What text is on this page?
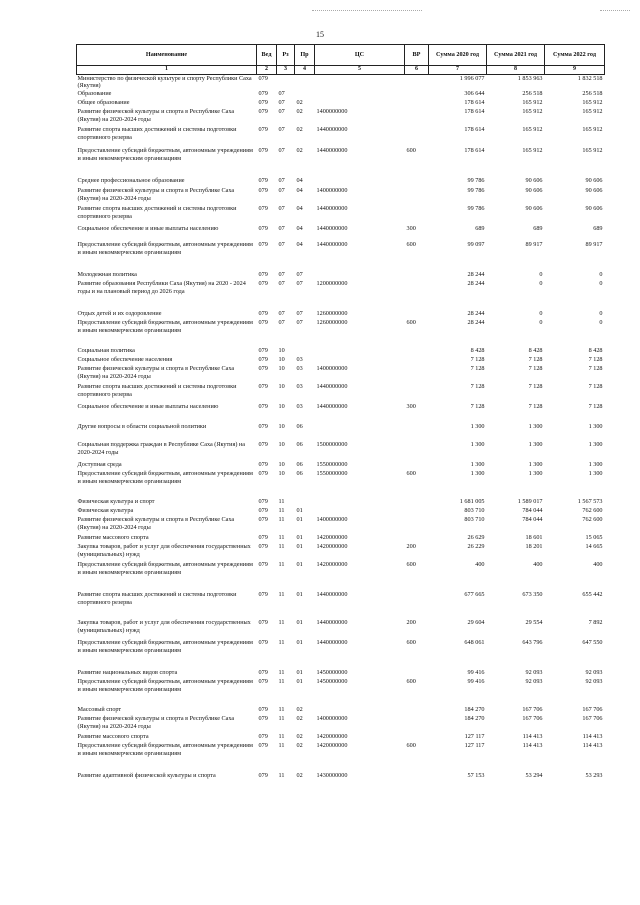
15
Наименование	Вед	Рз	Пр	ЦС	ВР	Сумма 2020 год	Сумма 2021 год	Сумма 2022 год
1	2	3	4	5	6	7	8	9
Министерство по физической культуре и спорту Республики Саха (Якутия)	079					1 996 077	1 853 963	1 832 518
Образование	079	07				306 644	256 518	256 518
Общее образование	079	07	02			178 614	165 912	165 912
Развитие физической культуры и спорта в Республике Саха (Якутия) на 2020-2024 годы	079	07	02	1400000000		178 614	165 912	165 912
Развитие спорта высших достижений и системы подготовки спортивного резерва	079	07	02	1440000000		178 614	165 912	165 912
Предоставление субсидий бюджетным, автономным учреждениям и иным некоммерческим организациям	079	07	02	1440000000	600	178 614	165 912	165 912
Среднее профессиональное образование	079	07	04			99 786	90 606	90 606
Развитие физической культуры и спорта в Республике Саха (Якутия) на 2020-2024 годы	079	07	04	1400000000		99 786	90 606	90 606
Развитие спорта высших достижений и системы подготовки спортивного резерва	079	07	04	1440000000		99 786	90 606	90 606
Социальное обеспечение и иные выплаты населению	079	07	04	1440000000	300	689	689	689
Предоставление субсидий бюджетным, автономным учреждениям и иным некоммерческим организациям	079	07	04	1440000000	600	99 097	89 917	89 917
Молодежная политика	079	07	07			28 244	0	0
Развитие образования Республики Саха (Якутия) на 2020 - 2024 годы и на плановый период до 2026 года	079	07	07	1200000000		28 244	0	0
Отдых детей и их оздоровление	079	07	07	1260000000		28 244	0	0
Предоставление субсидий бюджетным, автономным учреждениям и иным некоммерческим организациям	079	07	07	1260000000	600	28 244	0	0
Социальная политика	079	10				8 428	8 428	8 428
Социальное обеспечение населения	079	10	03			7 128	7 128	7 128
Развитие физической культуры и спорта в Республике Саха (Якутия) на 2020-2024 годы	079	10	03	1400000000		7 128	7 128	7 128
Развитие спорта высших достижений и системы подготовки спортивного резерва	079	10	03	1440000000		7 128	7 128	7 128
Социальное обеспечение и иные выплаты населению	079	10	03	1440000000	300	7 128	7 128	7 128
Другие вопросы в области социальной политики	079	10	06			1 300	1 300	1 300
Социальная поддержка граждан в Республике Саха (Якутия) на 2020-2024 годы	079	10	06	1500000000		1 300	1 300	1 300
Доступная среда	079	10	06	1550000000		1 300	1 300	1 300
Предоставление субсидий бюджетным, автономным учреждениям и иным некоммерческим организациям	079	10	06	1550000000	600	1 300	1 300	1 300
Физическая культура и спорт	079	11				1 681 005	1 589 017	1 567 573
Физическая культура	079	11	01			803 710	784 044	762 600
Развитие физической культуры и спорта в Республике Саха (Якутия) на 2020-2024 годы	079	11	01	1400000000		803 710	784 044	762 600
Развитие массового спорта	079	11	01	1420000000		26 629	18 601	15 065
Закупка товаров, работ и услуг для обеспечения государственных (муниципальных) нужд	079	11	01	1420000000	200	26 229	18 201	14 665
Предоставление субсидий бюджетным, автономным учреждениям и иным некоммерческим организациям	079	11	01	1420000000	600	400	400	400
Развитие спорта высших достижений и системы подготовки спортивного резерва	079	11	01	1440000000		677 665	673 350	655 442
Закупка товаров, работ и услуг для обеспечения государственных (муниципальных) нужд	079	11	01	1440000000	200	29 604	29 554	7 892
Предоставление субсидий бюджетным, автономным учреждениям и иным некоммерческим организациям	079	11	01	1440000000	600	648 061	643 796	647 550
Развитие национальных видов спорта	079	11	01	1450000000		99 416	92 093	92 093
Предоставление субсидий бюджетным, автономным учреждениям и иным некоммерческим организациям	079	11	01	1450000000	600	99 416	92 093	92 093
Массовый спорт	079	11	02			184 270	167 706	167 706
Развитие физической культуры и спорта в Республике Саха (Якутия) на 2020-2024 годы	079	11	02	1400000000		184 270	167 706	167 706
Развитие массового спорта	079	11	02	1420000000		127 117	114 413	114 413
Предоставление субсидий бюджетным, автономным учреждениям и иным некоммерческим организациям	079	11	02	1420000000	600	127 117	114 413	114 413
Развитие адаптивной физической культуры и спорта	079	11	02	1430000000		57 153	53 294	53 293
